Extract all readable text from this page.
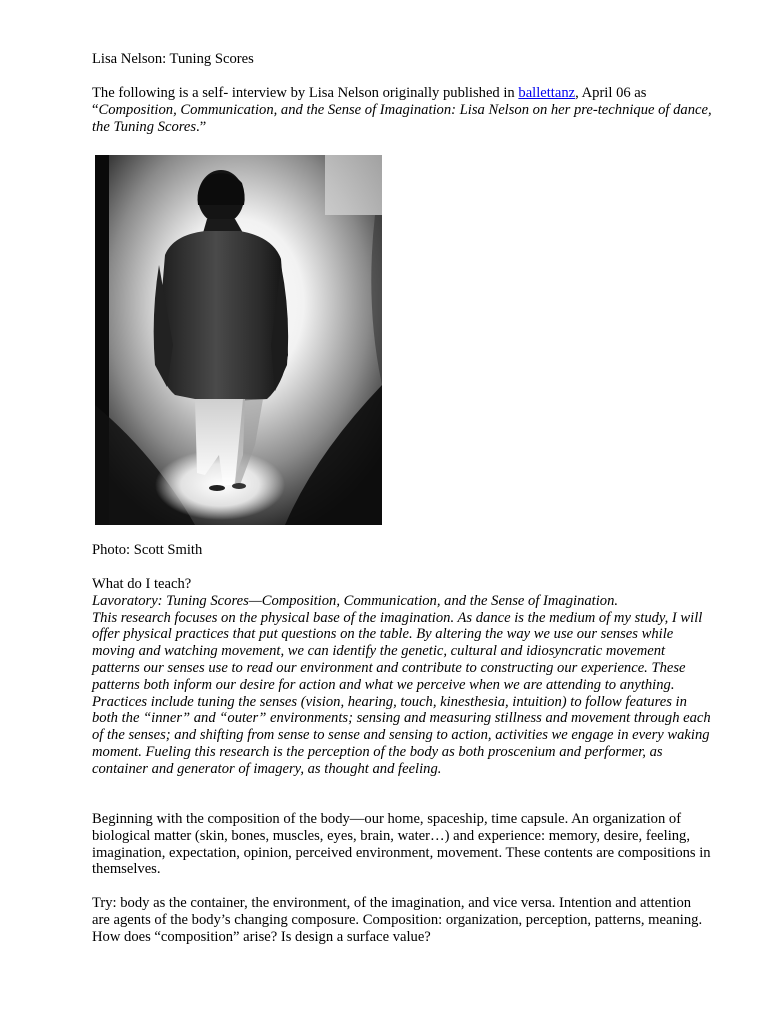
Lisa Nelson: Tuning Scores

The following is a self- interview by Lisa Nelson originally published in ballettanz, April 06 as
“Composition, Communication, and the Sense of Imagination: Lisa Nelson on her pre-technique of dance, the Tuning Scores.”

Photo: Scott Smith

What do I teach?

Lavoratory: Tuning Scores—Composition, Communication, and the Sense of Imagination.

This research focuses on the physical base of the imagination. As dance is the medium of my study, I will offer physical practices that put questions on the table. By altering the way we use our senses while moving and watching movement, we can identify the genetic, cultural and idiosyncratic movement patterns our senses use to read our environment and contribute to constructing our experience. These patterns both inform our desire for action and what we perceive when we are attending to anything. Practices include tuning the senses (vision, hearing, touch, kinesthesia, intuition) to follow features in both the “inner” and “outer” environments; sensing and measuring stillness and movement through each of the senses; and shifting from sense to sense and sensing to action, activities we engage in every waking moment. Fueling this research is the perception of the body as both proscenium and performer, as container and generator of imagery, as thought and feeling.

Beginning with the composition of the body—our home, spaceship, time capsule. An organization of biological matter (skin, bones, muscles, eyes, brain, water…) and experience: memory, desire, feeling, imagination, expectation, opinion, perceived environment, movement. These contents are compositions in themselves.

Try: body as the container, the environment, of the imagination, and vice versa. Intention and attention are agents of the body’s changing composure. Composition: organization, perception, patterns, meaning. How does “composition” arise? Is design a surface value?
